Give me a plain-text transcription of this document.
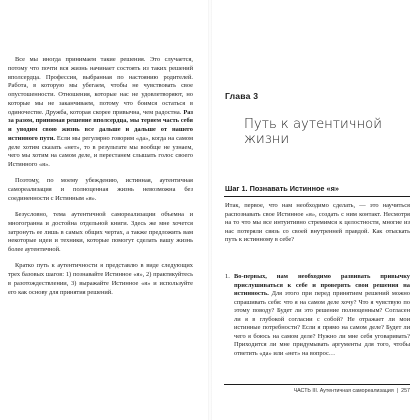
Все мы иногда принимаем такие решения. Это случается, потому что почти вся жизнь начинает состоять из таких решений вполсердца. Профессия, выбранная по настоянию родителей. Работа, в которую мы убегаем, чтобы не чувствовать свое опустошенности. Отношения, которые нас не удовлетворяют, но которые мы не заканчиваем, потому что боимся остаться в одиночестве. Дружба, которая скорее привычна, чем радостна. Раз за разом, принимая решение вполсердца, мы теряем часть себя и уводим свою жизнь все дальше и дальше от нашего истинного пути. Если мы регулярно говорим «да», когда на самом деле хотим сказать «нет», то в результате мы вообще не узнаем, чего мы хотим на самом деле, и перестанем слышать голос своего Истинного «я».

Поэтому, по моему убеждению, истинная, аутентичная самореализация и полноценная жизнь невозможна без соединенности с Истинным «я».

Безусловно, тема аутентичной самореализации объемна и многогранна и достойна отдельной книги. Здесь же мне хочется затронуть ее лишь в самых общих чертах, а также предложить вам некоторые идеи и техники, которые помогут сделать вашу жизнь более аутентичной.

Кратко путь к аутентичности я представлю в виде следующих трех базовых шагов: 1) познавайте Истинное «я», 2) практикуйтесь в разотождествлении, 3) выражайте Истинное «я» и используйте его как основу для принятия решений.

Глава 3
Путь к аутентичной жизни
Шаг 1. Познавать Истинное «я»

Итак, первое, что нам необходимо сделать, — это научиться распознавать свое Истинное «я», создать с ним контакт. Несмотря на то что мы все интуитивно стремимся к целостности, многие из нас потеряли связь со своей внутренней правдой. Как отыскать путь к истинному в себе?

1. Во-первых, нам необходимо развивать привычку прислушиваться к себе и проверять свои решения на истинность. Для этого при перед принятием решений можно спрашивать себя: что я на самом деле хочу? Что я чувствую по этому поводу? Будет ли это решение полноценным? Согласен ли я в глубокой согласии с собой? Не отражает ли мои истинные потребности? Если я прямо на самом деле? Будет ли чего я боюсь на самом деле? Нужно ли мне себя уговаривать? Приходится ли мне придумывать аргументы для того, чтобы ответить «да» или «нет» на вопрос…
ЧАСТЬ III. Аутентичная самореализация | 257
